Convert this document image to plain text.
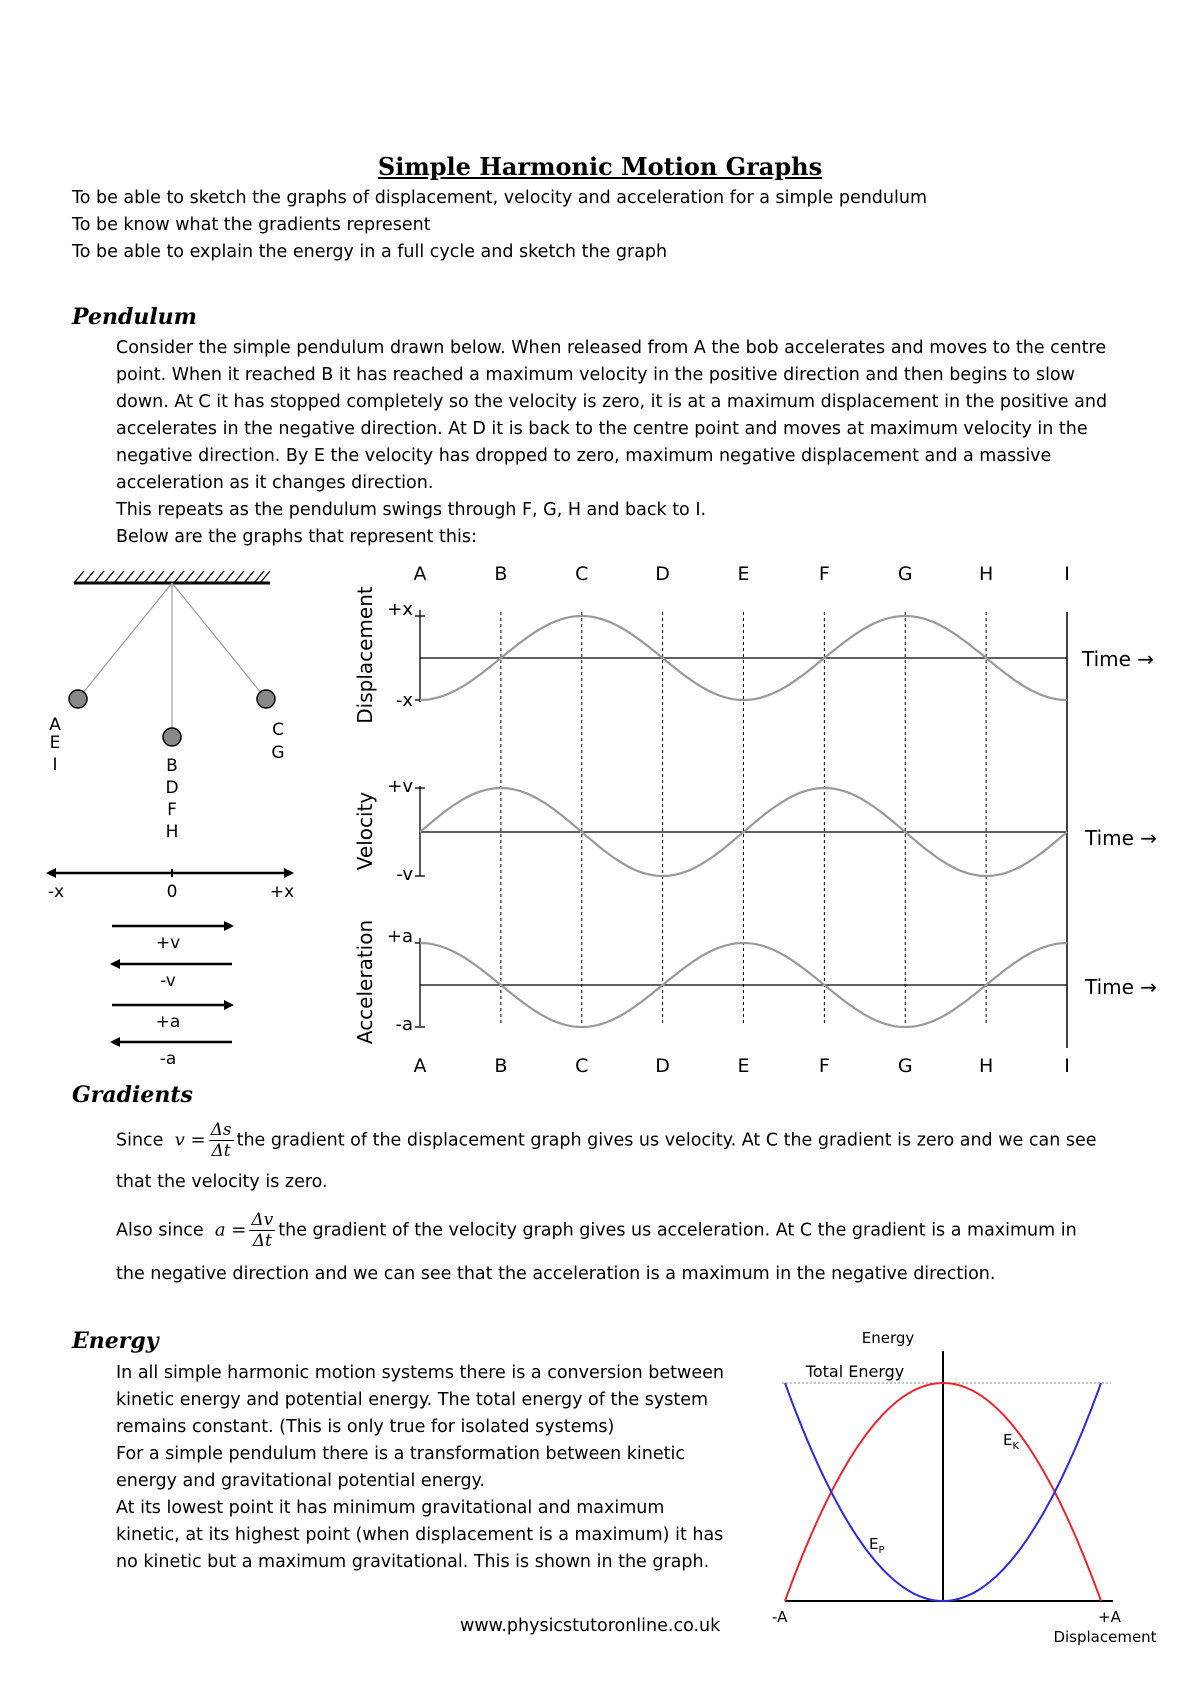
Simple Harmonic Motion Graphs
To be able to sketch the graphs of displacement, velocity and acceleration for a simple pendulum
To be know what the gradients represent
To be able to explain the energy in a full cycle and sketch the graph
Pendulum

Consider the simple pendulum drawn below. When released from A the bob accelerates and moves to the centre point. When it reached B it has reached a maximum velocity in the positive direction and then begins to slow down. At C it has stopped completely so the velocity is zero, it is at a maximum displacement in the positive and accelerates in the negative direction. At D it is back to the centre point and moves at maximum velocity in the negative direction. By E the velocity has dropped to zero, maximum negative displacement and a massive acceleration as it changes direction.

This repeats as the pendulum swings through F, G, H and back to I.

Below are the graphs that represent this:

A
E
I	B
D
F
H
C
G
-x	0	+x
+v
-v
+a
-a
A
A
B
B
C
C
D
D
E
E
F
F
G
G
H
H
I
I
Displacement
Velocity
Acceleration
+x
-x
+v
-v
+a
-a
Time →
Time →
Time →
Gradients
Since $v = \frac{\Delta s}{\Delta t}$ the gradient of the displacement graph gives us velocity. At C the gradient is zero and we can see
that the velocity is zero.
Also since $a = \frac{\Delta v}{\Delta t}$ the gradient of the velocity graph gives us acceleration. At C the gradient is a maximum in
the negative direction and we can see that the acceleration is a maximum in the negative direction.
Energy

In all simple harmonic motion systems there is a conversion between

kinetic energy and potential energy. The total energy of the system

remains constant. (This is only true for isolated systems)

For a simple pendulum there is a transformation between kinetic

energy and gravitational potential energy.

At its lowest point it has minimum gravitational and maximum

kinetic, at its highest point (when displacement is a maximum) it has

no kinetic but a maximum gravitational. This is shown in the graph.

Energy
Total Energy
$E_K$
$E_P$
-A	+A
Displacement
www.physicstutoronline.co.uk
